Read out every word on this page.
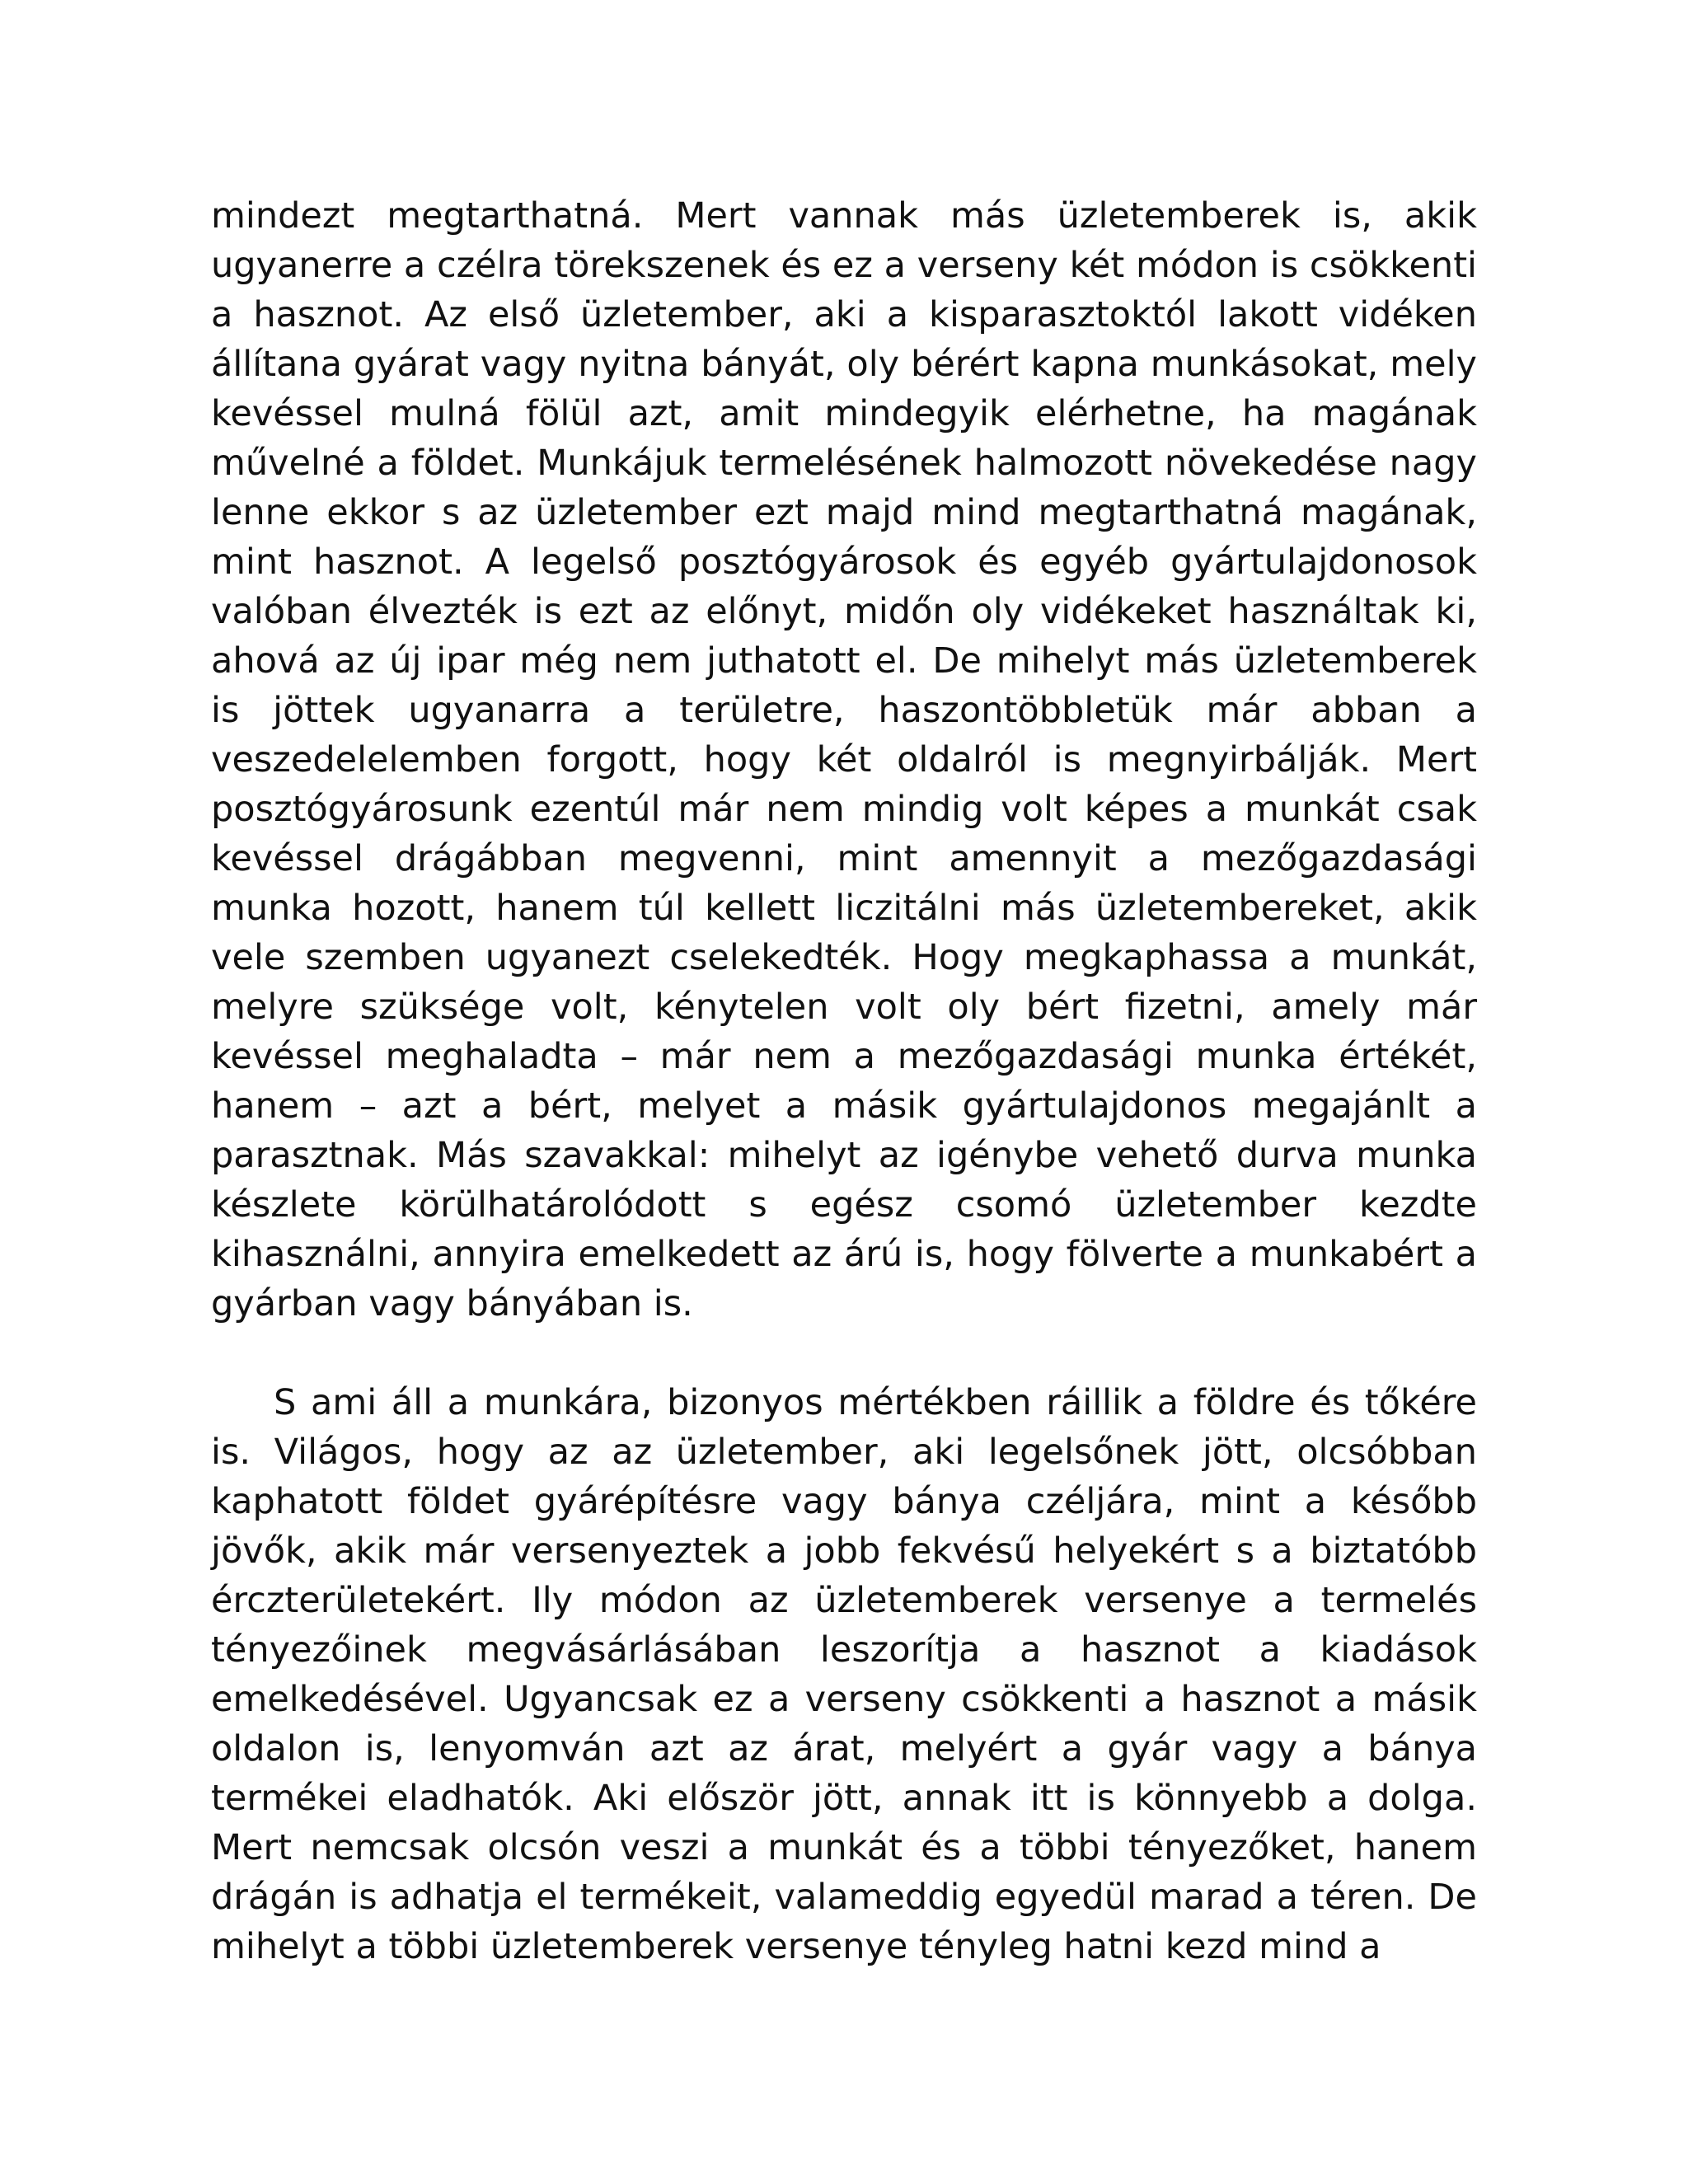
mindezt megtarthatná. Mert vannak más üzletemberek is, akik ugyanerre a czélra törekszenek és ez a verseny két módon is csökkenti a hasznot. Az első üzletember, aki a kisparasztoktól lakott vidéken állítana gyárat vagy nyitna bányát, oly bérért kapna munkásokat, mely kevéssel mulná fölül azt, amit mindegyik elérhetne, ha magának művelné a földet. Munkájuk termelésének halmozott növekedése nagy lenne ekkor s az üzletember ezt majd mind megtarthatná magának, mint hasznot. A legelső posztógyárosok és egyéb gyártulajdonosok valóban élvezték is ezt az előnyt, midőn oly vidékeket használtak ki, ahová az új ipar még nem juthatott el. De mihelyt más üzletemberek is jöttek ugyanarra a területre, haszontöbbletük már abban a veszedelelemben forgott, hogy két oldalról is megnyirbálják. Mert posztógyárosunk ezentúl már nem mindig volt képes a munkát csak kevéssel drágábban megvenni, mint amennyit a mezőgazdasági munka hozott, hanem túl kellett liczitálni más üzletembereket, akik vele szemben ugyanezt cselekedték. Hogy megkaphassa a munkát, melyre szüksége volt, kénytelen volt oly bért fizetni, amely már kevéssel meghaladta – már nem a mezőgazdasági munka értékét, hanem – azt a bért, melyet a másik gyártulajdonos megajánlt a parasztnak. Más szavakkal: mihelyt az igénybe vehető durva munka készlete körülhatárolódott s egész csomó üzletember kezdte kihasználni, annyira emelkedett az árú is, hogy fölverte a munkabért a gyárban vagy bányában is.

S ami áll a munkára, bizonyos mértékben ráillik a földre és tőkére is. Világos, hogy az az üzletember, aki legelsőnek jött, olcsóbban kaphatott földet gyárépítésre vagy bánya czéljára, mint a később jövők, akik már versenyeztek a jobb fekvésű helyekért s a biztatóbb érczterületekért. Ily módon az üzletemberek versenye a termelés tényezőinek megvásárlásában leszorítja a hasznot a kiadások emelkedésével. Ugyancsak ez a verseny csökkenti a hasznot a másik oldalon is, lenyomván azt az árat, melyért a gyár vagy a bánya termékei eladhatók. Aki először jött, annak itt is könnyebb a dolga. Mert nemcsak olcsón veszi a munkát és a többi tényezőket, hanem drágán is adhatja el termékeit, valameddig egyedül marad a téren. De mihelyt a többi üzletemberek versenye tényleg hatni kezd mind a
